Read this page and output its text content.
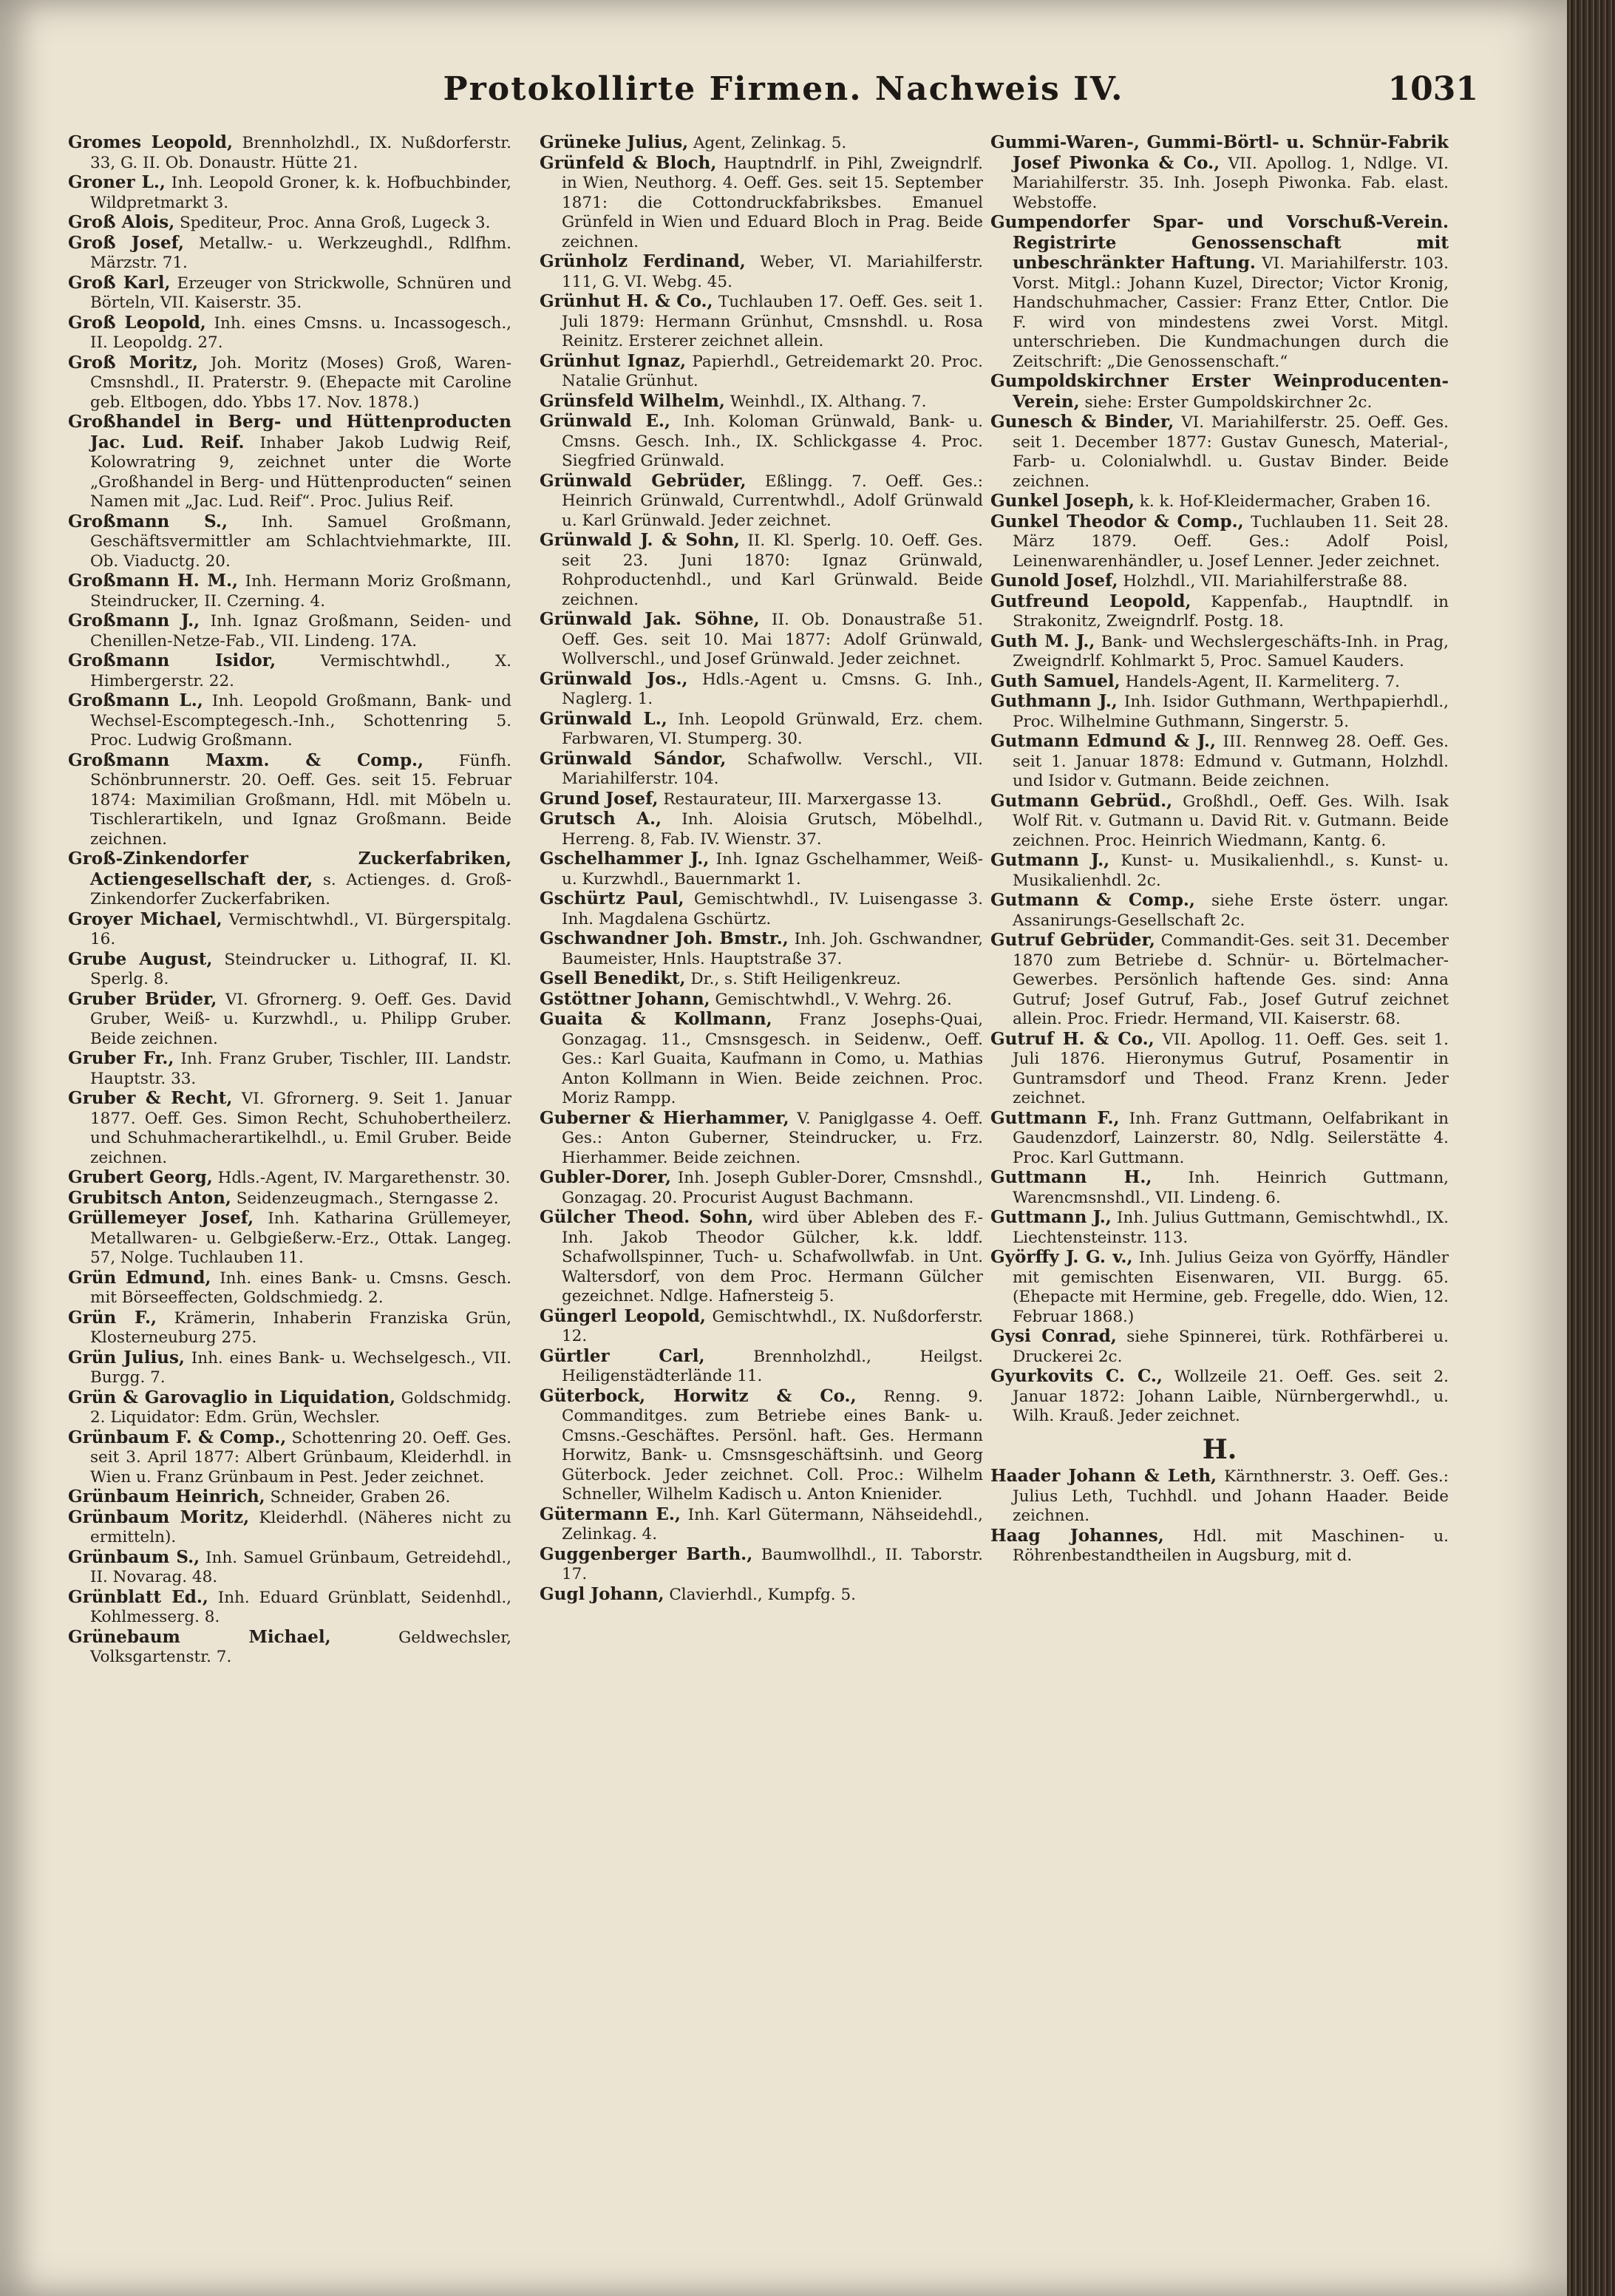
Protokollirte Firmen. Nachweis IV.	1031

Gromes Leopold, Brennholzhdl., IX. Nußdorferstr. 33, G. II. Ob. Donaustr. Hütte 21.

Groner L., Inh. Leopold Groner, k. k. Hofbuchbinder, Wildpretmarkt 3.

Groß Alois, Spediteur, Proc. Anna Groß, Lugeck 3.

Groß Josef, Metallw.- u. Werkzeughdl., Rdlfhm. Märzstr. 71.

Groß Karl, Erzeuger von Strickwolle, Schnüren und Börteln, VII. Kaiserstr. 35.

Groß Leopold, Inh. eines Cmsns. u. Incassogesch., II. Leopoldg. 27.

Groß Moritz, Joh. Moritz (Moses) Groß, Waren-Cmsnshdl., II. Praterstr. 9. (Ehepacte mit Caroline geb. Eltbogen, ddo. Ybbs 17. Nov. 1878.)

Großhandel in Berg- und Hüttenproducten Jac. Lud. Reif. Inhaber Jakob Ludwig Reif, Kolowratring 9, zeichnet unter die Worte „Großhandel in Berg- und Hüttenproducten“ seinen Namen mit „Jac. Lud. Reif“. Proc. Julius Reif.

Großmann S., Inh. Samuel Großmann, Geschäftsvermittler am Schlachtviehmarkte, III. Ob. Viaductg. 20.

Großmann H. M., Inh. Hermann Moriz Großmann, Steindrucker, II. Czerning. 4.

Großmann J., Inh. Ignaz Großmann, Seiden- und Chenillen-Netze-Fab., VII. Lindeng. 17A.

Großmann Isidor,	Vermischtwhdl., X. Himbergerstr. 22.

Großmann L., Inh. Leopold Großmann, Bank- und Wechsel-Escomptegesch.-Inh., Schottenring 5. Proc. Ludwig Großmann.

Großmann Maxm. & Comp., Fünfh. Schönbrunnerstr. 20. Oeff. Ges. seit 15. Februar 1874: Maximilian Großmann, Hdl. mit Möbeln u. Tischlerartikeln, und Ignaz Großmann. Beide zeichnen.

Groß-Zinkendorfer Zuckerfabriken, Actiengesellschaft der, s. Actienges. d. Groß-Zinkendorfer Zuckerfabriken.

Groyer Michael, Vermischtwhdl., VI. Bürgerspitalg. 16.

Grube August, Steindrucker u. Lithograf, II. Kl. Sperlg. 8.

Gruber Brüder, VI. Gfrornerg. 9. Oeff. Ges. David Gruber, Weiß- u. Kurzwhdl., u. Philipp Gruber. Beide zeichnen.

Gruber Fr., Inh. Franz Gruber, Tischler, III. Landstr. Hauptstr. 33.

Gruber & Recht, VI. Gfrornerg. 9. Seit 1. Januar 1877. Oeff. Ges. Simon Recht, Schuhobertheilerz. und Schuhmacherartikelhdl., u. Emil Gruber. Beide zeichnen.

Grubert Georg, Hdls.-Agent, IV. Margarethenstr. 30.

Grubitsch Anton, Seidenzeugmach., Sterngasse 2.

Grüllemeyer Josef, Inh. Katharina Grüllemeyer, Metallwaren- u. Gelbgießerw.-Erz., Ottak. Langeg. 57, Nolge. Tuchlauben 11.

Grün Edmund, Inh. eines Bank- u. Cmsns. Gesch. mit Börseeffecten, Goldschmiedg. 2.

Grün F., Krämerin, Inhaberin Franziska Grün, Klosterneuburg 275.

Grün Julius, Inh. eines Bank- u. Wechselgesch., VII. Burgg. 7.

Grün & Garovaglio in Liquidation, Goldschmidg. 2. Liquidator: Edm. Grün, Wechsler.

Grünbaum F. & Comp., Schottenring 20. Oeff. Ges. seit 3. April 1877: Albert Grünbaum, Kleiderhdl. in Wien u. Franz Grünbaum in Pest. Jeder zeichnet.

Grünbaum Heinrich, Schneider, Graben 26.

Grünbaum Moritz, Kleiderhdl. (Näheres nicht zu ermitteln).

Grünbaum S., Inh. Samuel Grünbaum, Getreidehdl., II. Novarag. 48.

Grünblatt Ed., Inh. Eduard Grünblatt, Seidenhdl., Kohlmesserg. 8.

Grünebaum Michael,	Geldwechsler, Volksgartenstr. 7.

Grüneke Julius, Agent, Zelinkag. 5.

Grünfeld & Bloch, Hauptndrlf. in Pihl, Zweigndrlf. in Wien, Neuthorg. 4. Oeff. Ges. seit 15. September 1871: die Cottondruckfabriksbes. Emanuel Grünfeld in Wien und Eduard Bloch in Prag. Beide zeichnen.

Grünholz Ferdinand, Weber, VI. Mariahilferstr. 111, G. VI. Webg. 45.

Grünhut H. & Co., Tuchlauben 17. Oeff. Ges. seit 1. Juli 1879: Hermann Grünhut, Cmsnshdl. u. Rosa Reinitz. Ersterer zeichnet allein.

Grünhut Ignaz, Papierhdl., Getreidemarkt 20. Proc. Natalie Grünhut.

Grünsfeld Wilhelm, Weinhdl., IX. Althang. 7.

Grünwald E., Inh. Koloman Grünwald, Bank- u. Cmsns. Gesch. Inh., IX. Schlickgasse 4. Proc. Siegfried Grünwald.

Grünwald Gebrüder, Eßlingg. 7. Oeff. Ges.: Heinrich Grünwald, Currentwhdl., Adolf Grünwald u. Karl Grünwald. Jeder zeichnet.

Grünwald J. & Sohn, II. Kl. Sperlg. 10. Oeff. Ges. seit 23. Juni 1870: Ignaz Grünwald, Rohproductenhdl., und Karl Grünwald. Beide zeichnen.

Grünwald Jak. Söhne, II. Ob. Donaustraße 51. Oeff. Ges. seit 10. Mai 1877: Adolf Grünwald, Wollverschl., und Josef Grünwald. Jeder zeichnet.

Grünwald Jos., Hdls.-Agent u. Cmsns. G. Inh., Naglerg. 1.

Grünwald L., Inh. Leopold Grünwald, Erz. chem. Farbwaren, VI. Stumperg. 30.

Grünwald Sándor, Schafwollw. Verschl., VII. Mariahilferstr. 104.

Grund Josef, Restaurateur, III. Marxergasse 13.

Grutsch A., Inh. Aloisia Grutsch, Möbelhdl., Herreng. 8, Fab. IV. Wienstr. 37.

Gschelhammer J., Inh. Ignaz Gschelhammer, Weiß- u. Kurzwhdl., Bauernmarkt 1.

Gschürtz Paul, Gemischtwhdl., IV. Luisengasse 3. Inh. Magdalena Gschürtz.

Gschwandner Joh. Bmstr., Inh. Joh. Gschwandner, Baumeister, Hnls. Hauptstraße 37.

Gsell Benedikt, Dr., s. Stift Heiligenkreuz.

Gstöttner Johann, Gemischtwhdl., V. Wehrg. 26.

Guaita & Kollmann, Franz Josephs-Quai, Gonzagag. 11., Cmsnsgesch. in Seidenw., Oeff. Ges.: Karl Guaita, Kaufmann in Como, u. Mathias Anton Kollmann in Wien. Beide zeichnen. Proc. Moriz Rampp.

Guberner & Hierhammer, V. Paniglgasse 4. Oeff. Ges.: Anton Guberner, Steindrucker, u. Frz. Hierhammer. Beide zeichnen.

Gubler-Dorer, Inh. Joseph Gubler-Dorer, Cmsnshdl., Gonzagag. 20. Procurist August Bachmann.

Gülcher Theod. Sohn, wird über Ableben des F.-Inh. Jakob Theodor Gülcher, k.k. lddf. Schafwollspinner, Tuch- u. Schafwollwfab. in Unt. Waltersdorf, von dem Proc. Hermann Gülcher gezeichnet. Ndlge. Hafnersteig 5.

Güngerl Leopold, Gemischtwhdl., IX. Nußdorferstr. 12.

Gürtler Carl,	Brennholzhdl., Heilgst. Heiligenstädterlände 11.

Güterbock, Horwitz & Co., Renng. 9. Commanditges. zum Betriebe eines Bank- u. Cmsns.-Geschäftes. Persönl. haft. Ges. Hermann Horwitz, Bank- u. Cmsnsgeschäftsinh. und Georg Güterbock. Jeder zeichnet. Coll. Proc.: Wilhelm Schneller, Wilhelm Kadisch u. Anton Knienider.

Gütermann E., Inh. Karl Gütermann, Nähseidehdl., Zelinkag. 4.

Guggenberger Barth., Baumwollhdl., II. Taborstr. 17.

Gugl Johann, Clavierhdl., Kumpfg. 5.

Gummi-Waren-, Gummi-Börtl- u. Schnür-Fabrik Josef Piwonka & Co., VII. Apollog. 1, Ndlge. VI. Mariahilferstr. 35. Inh. Joseph Piwonka. Fab. elast. Webstoffe.

Gumpendorfer Spar- und Vorschuß-Verein. Registrirte Genossenschaft mit unbeschränkter Haftung. VI. Mariahilferstr. 103. Vorst. Mitgl.: Johann Kuzel, Director; Victor Kronig, Handschuhmacher, Cassier: Franz Etter, Cntlor. Die F. wird von mindestens zwei Vorst. Mitgl. unterschrieben. Die Kundmachungen durch die Zeitschrift: „Die Genossenschaft.“

Gumpoldskirchner Erster Weinproducenten-Verein, siehe: Erster Gumpoldskirchner 2c.

Gunesch & Binder, VI. Mariahilferstr. 25. Oeff. Ges. seit 1. December 1877: Gustav Gunesch, Material-, Farb- u. Colonialwhdl. u. Gustav Binder. Beide zeichnen.

Gunkel Joseph, k. k. Hof-Kleidermacher, Graben 16.

Gunkel Theodor & Comp., Tuchlauben 11. Seit 28. März 1879. Oeff. Ges.: Adolf Poisl, Leinenwarenhändler, u. Josef Lenner. Jeder zeichnet.

Gunold Josef, Holzhdl., VII. Mariahilferstraße 88.

Gutfreund Leopold, Kappenfab., Hauptndlf. in Strakonitz, Zweigndrlf. Postg. 18.

Guth M. J., Bank- und Wechslergeschäfts-Inh. in Prag, Zweigndrlf. Kohlmarkt 5, Proc. Samuel Kauders.

Guth Samuel, Handels-Agent, II. Karmeliterg. 7.

Guthmann J., Inh. Isidor Guthmann, Werthpapierhdl., Proc. Wilhelmine Guthmann, Singerstr. 5.

Gutmann Edmund & J., III. Rennweg 28. Oeff. Ges. seit 1. Januar 1878: Edmund v. Gutmann, Holzhdl. und Isidor v. Gutmann. Beide zeichnen.

Gutmann Gebrüd., Großhdl., Oeff. Ges. Wilh. Isak Wolf Rit. v. Gutmann u. David Rit. v. Gutmann. Beide zeichnen. Proc. Heinrich Wiedmann, Kantg. 6.

Gutmann J., Kunst- u. Musikalienhdl., s. Kunst- u. Musikalienhdl. 2c.

Gutmann & Comp., siehe Erste österr. ungar. Assanirungs-Gesellschaft 2c.

Gutruf Gebrüder, Commandit-Ges. seit 31. December 1870 zum Betriebe d. Schnür- u. Börtelmacher-Gewerbes. Persönlich haftende Ges. sind: Anna Gutruf; Josef Gutruf, Fab., Josef Gutruf zeichnet allein. Proc. Friedr. Hermand, VII. Kaiserstr. 68.

Gutruf H. & Co., VII. Apollog. 11. Oeff. Ges. seit 1. Juli 1876. Hieronymus Gutruf, Posamentir in Guntramsdorf und Theod. Franz Krenn. Jeder zeichnet.

Guttmann F., Inh. Franz Guttmann, Oelfabrikant in Gaudenzdorf, Lainzerstr. 80, Ndlg. Seilerstätte 4. Proc. Karl Guttmann.

Guttmann H., Inh. Heinrich Guttmann, Warencmsnshdl., VII. Lindeng. 6.

Guttmann J., Inh. Julius Guttmann, Gemischtwhdl., IX. Liechtensteinstr. 113.

Györffy J. G. v., Inh. Julius Geiza von Györffy, Händler mit gemischten Eisenwaren, VII. Burgg. 65. (Ehepacte mit Hermine, geb. Fregelle, ddo. Wien, 12. Februar 1868.)

Gysi Conrad, siehe Spinnerei, türk. Rothfärberei u. Druckerei 2c.

Gyurkovits C. C., Wollzeile 21. Oeff. Ges. seit 2. Januar 1872: Johann Laible, Nürnbergerwhdl., u. Wilh. Krauß. Jeder zeichnet.

H.

Haader Johann & Leth, Kärnthnerstr. 3. Oeff. Ges.: Julius Leth, Tuchhdl. und Johann Haader. Beide zeichnen.

Haag Johannes, Hdl. mit Maschinen- u. Röhrenbestandtheilen in Augsburg, mit d.
